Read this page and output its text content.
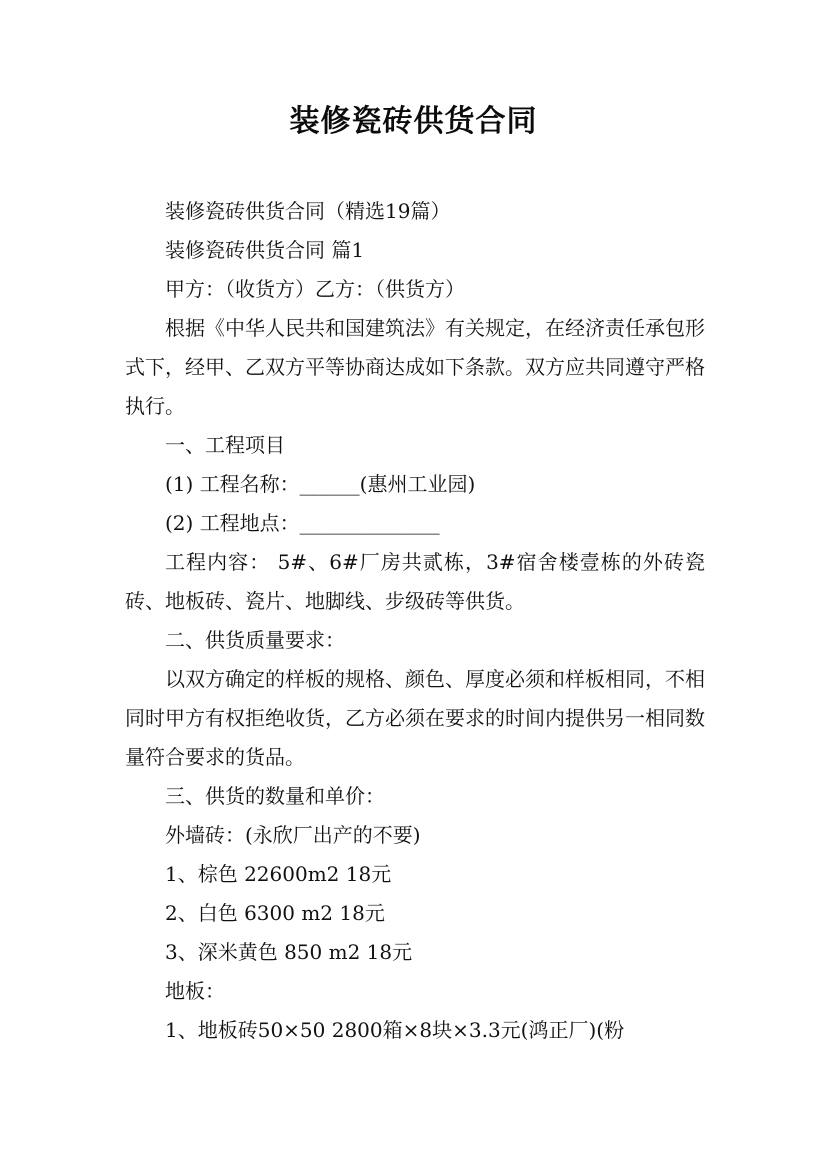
装修瓷砖供货合同

装修瓷砖供货合同（精选19篇）

装修瓷砖供货合同 篇1

甲方：（收货方）乙方：（供货方）

根据《中华人民共和国建筑法》有关规定，在经济责任承包形式下，经甲、乙双方平等协商达成如下条款。双方应共同遵守严格执行。

一、工程项目

(1) 工程名称：______(惠州工业园)

(2) 工程地点：______________

工程内容： 5#、6#厂房共贰栋，3#宿舍楼壹栋的外砖瓷砖、地板砖、瓷片、地脚线、步级砖等供货。

二、供货质量要求：

以双方确定的样板的规格、颜色、厚度必须和样板相同，不相同时甲方有权拒绝收货，乙方必须在要求的时间内提供另一相同数量符合要求的货品。

三、供货的数量和单价：

外墙砖：(永欣厂出产的不要)

1、棕色 22600m2 18元

2、白色 6300 m2 18元

3、深米黄色 850 m2 18元

地板：

1、地板砖50×50 2800箱×8块×3.3元(鸿正厂)(粉
